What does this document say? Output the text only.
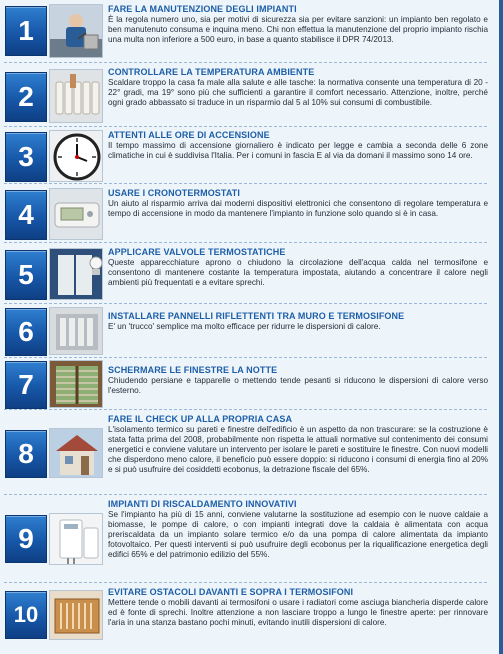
1

FARE LA MANUTENZIONE DEGLI IMPIANTI

È la regola numero uno, sia per motivi di sicurezza sia per evitare sanzioni: un impianto ben regolato e ben manutenuto consuma e inquina meno. Chi non effettua la manutenzione del proprio impianto rischia una multa non inferiore a 500 euro, in base a quanto stabilisce il DPR 74/2013.

2

CONTROLLARE LA TEMPERATURA AMBIENTE

Scaldare troppo la casa fa male alla salute e alle tasche: la normativa consente una temperatura di 20 - 22° gradi, ma 19° sono più che sufficienti a garantire il comfort necessario. Attenzione, inoltre, perché ogni grado abbassato si traduce in un risparmio dal 5 al 10% sui consumi di combustibile.

3

ATTENTI ALLE ORE DI ACCENSIONE

Il tempo massimo di accensione giornaliero è indicato per legge e cambia a seconda delle 6 zone climatiche in cui è suddivisa l'Italia. Per i comuni in fascia E al via da domani il massimo sono 14 ore.

4

USARE I CRONOTERMOSTATI

Un aiuto al risparmio arriva dai moderni dispositivi elettronici che consentono di regolare temperatura e tempo di accensione in modo da mantenere l'impianto in funzione solo quando si è in casa.

5

APPLICARE VALVOLE TERMOSTATICHE

Queste apparecchiature aprono o chiudono la circolazione dell'acqua calda nel termosifone e consentono di mantenere costante la temperatura impostata, aiutando a concentrare il calore negli ambienti più frequentati e a evitare sprechi.

6	INSTALLARE PANNELLI RIFLETTENTI TRA MURO E TERMOSIFONE

E' un 'trucco' semplice ma molto efficace per ridurre le dispersioni di calore.

7	SCHERMARE LE FINESTRE LA NOTTE

Chiudendo persiane e tapparelle o mettendo tende pesanti si riducono le dispersioni di calore verso l'esterno.

8

FARE IL CHECK UP ALLA PROPRIA CASA

L'isolamento termico su pareti e finestre dell'edificio è un aspetto da non trascurare: se la costruzione è stata fatta prima del 2008, probabilmente non rispetta le attuali normative sul contenimento dei consumi energetici e conviene valutare un intervento per isolare le pareti e sostituire le finestre. Con nuovi modelli che disperdono meno calore, il beneficio può essere doppio: si riducono i consumi di energia fino al 20% e si può usufruire dei cosiddetti ecobonus, la detrazione fiscale del 65%.

9

IMPIANTI DI RISCALDAMENTO INNOVATIVI

Se l'impianto ha più di 15 anni, conviene valutarne la sostituzione ad esempio con le nuove caldaie a biomasse, le pompe di calore, o con impianti integrati dove la caldaia è alimentata con acqua preriscaldata da un impianto solare termico e/o da una pompa di calore alimentata da impianto fotovoltaico. Per questi interventi si può usufruire degli ecobonus per la riqualificazione energetica degli edifici 65% e del patrimonio edilizio del 55%.

10

EVITARE OSTACOLI DAVANTI E SOPRA I TERMOSIFONI

Mettere tende o mobili davanti ai termosifoni o usare i radiatori come asciuga biancheria disperde calore ed è fonte di sprechi. Inoltre attenzione a non lasciare troppo a lungo le finestre aperte: per rinnovare l'aria in una stanza bastano pochi minuti, evitando inutili dispersioni di calore.
